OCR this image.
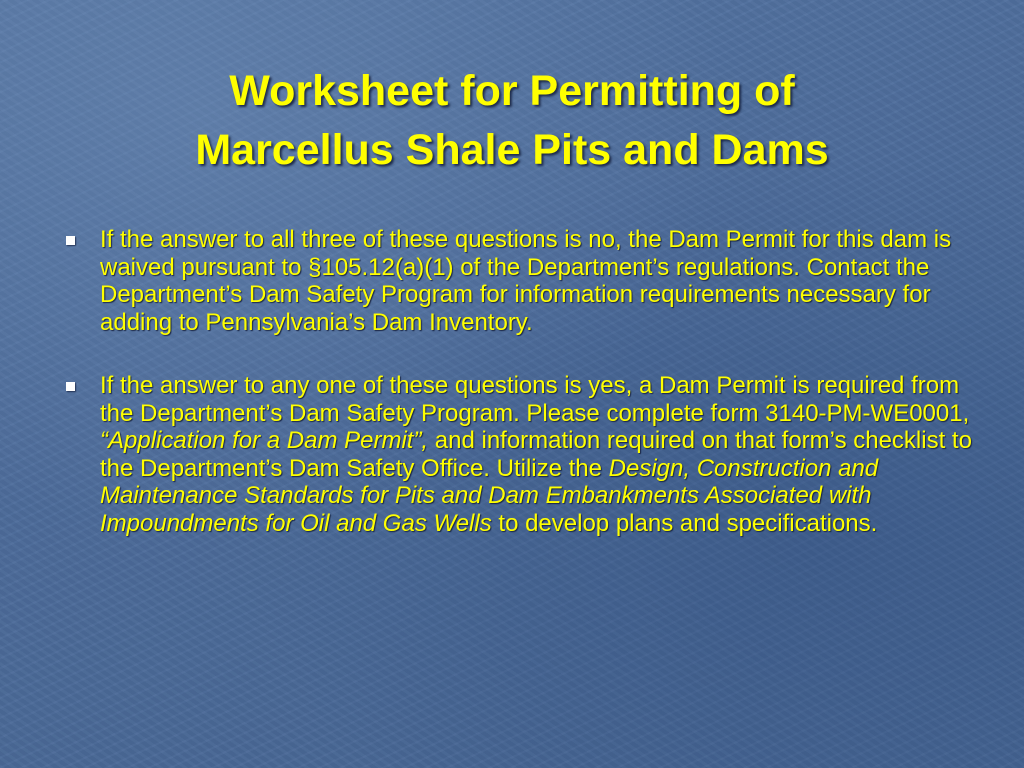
Worksheet for Permitting of
Marcellus Shale Pits and Dams
If the answer to all three of these questions is no, the Dam Permit for this dam is waived pursuant to §105.12(a)(1) of the Department’s regulations. Contact the Department’s Dam Safety Program for information requirements necessary for adding to Pennsylvania’s Dam Inventory.
If the answer to any one of these questions is yes, a Dam Permit is required from the Department’s Dam Safety Program. Please complete form 3140-PM-WE0001, “Application for a Dam Permit”, and information required on that form’s checklist to the Department’s Dam Safety Office. Utilize the Design, Construction and Maintenance Standards for Pits and Dam Embankments Associated with Impoundments for Oil and Gas Wells to develop plans and specifications.
